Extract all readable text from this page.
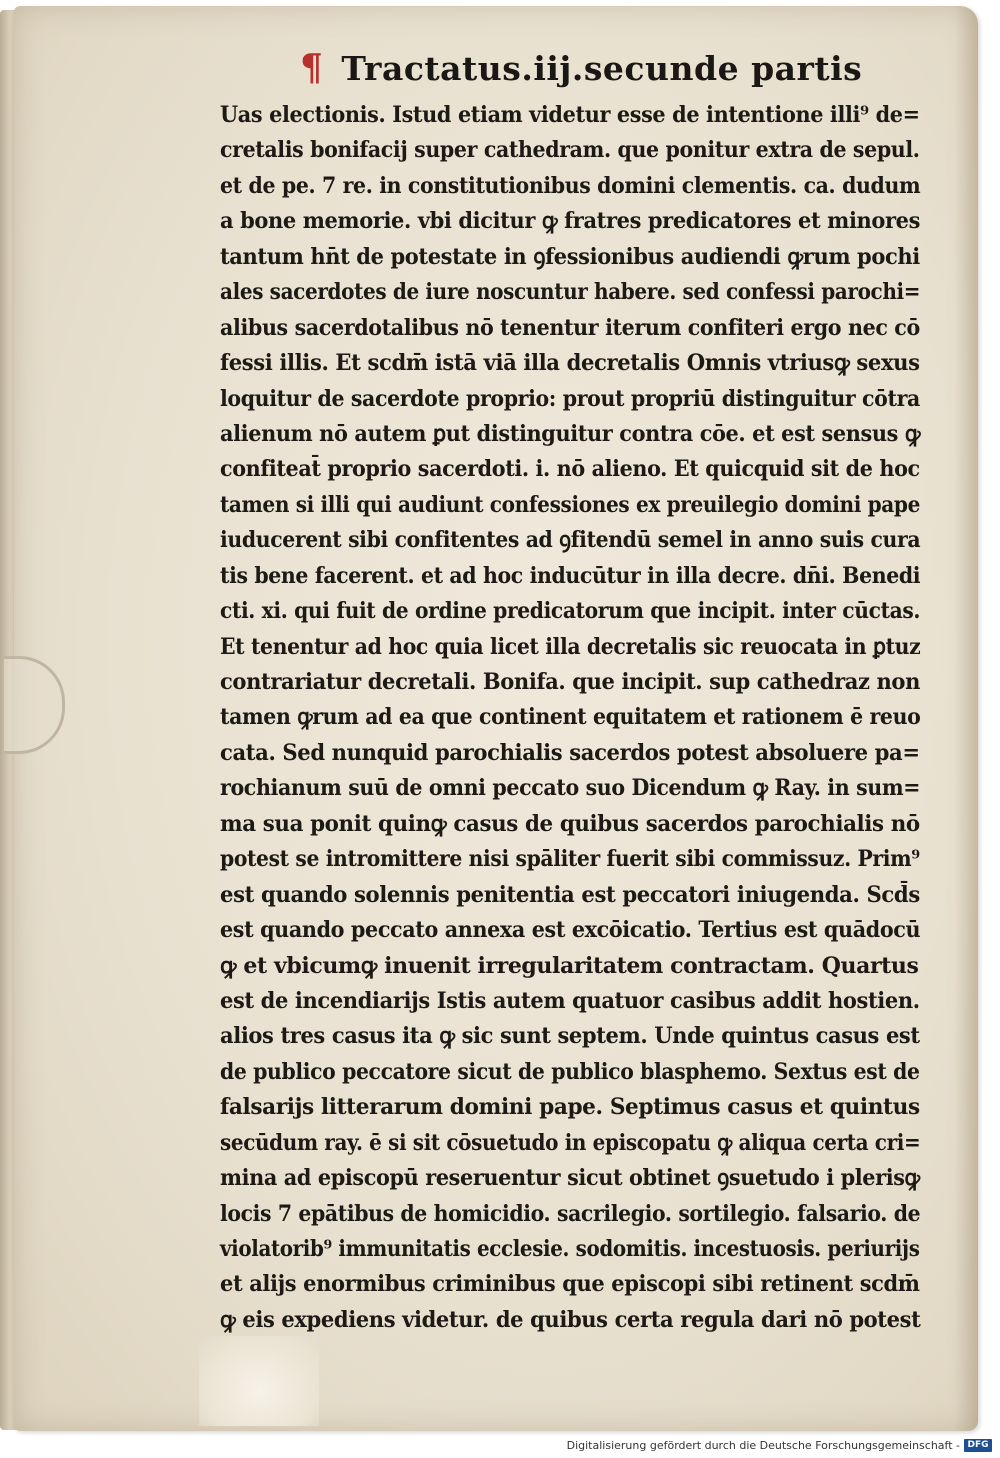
¶ Tractatus.iij.secunde partis
Uas electionis. Istud etiam videtur esse de intentione illi⁹ de=
cretalis bonifacij super cathedram. que ponitur extra de sepul.
et de pe. 7 re. in constitutionibus domini clementis. ca. dudum
a bone memorie. vbi dicitur ꝙ fratres predicatores et minores
tantum hn̄t de potestate in ꝯfessionibus audiendi ꝙrum pochi
ales sacerdotes de iure noscuntur habere. sed confessi parochi=
alibus sacerdotalibus nō tenentur iterum confiteri ergo nec cō
fessi illis. Et scdm̄ istā viā illa decretalis Omnis vtriusꝙ sexus
loquitur de sacerdote proprio: prout propriū distinguitur cōtra
alienum nō autem ꝑut distinguitur contra cōe. et est sensus ꝙ
confiteat̄ proprio sacerdoti. i. nō alieno. Et quicquid sit de hoc
tamen si illi qui audiunt confessiones ex preuilegio domini pape
iuducerent sibi confitentes ad ꝯfitendū semel in anno suis cura
tis bene facerent. et ad hoc inducūtur in illa decre. dn̄i. Benedi
cti. xi. qui fuit de ordine predicatorum que incipit. inter cūctas.
Et tenentur ad hoc quia licet illa decretalis sic reuocata in ꝑtuz
contrariatur decretali. Bonifa. que incipit. sup cathedraz non
tamen ꝙrum ad ea que continent equitatem et rationem ē reuo
cata. Sed nunquid parochialis sacerdos potest absoluere pa=
rochianum suū de omni peccato suo Dicendum ꝙ Ray. in sum=
ma sua ponit quinꝙ casus de quibus sacerdos parochialis nō
potest se intromittere nisi spāliter fuerit sibi commissuz. Prim⁹
est quando solennis penitentia est peccatori iniugenda. Scd̄s
est quando peccato annexa est excōicatio. Tertius est quādocū
ꝙ et vbicumꝙ inuenit irregularitatem contractam. Quartus
est de incendiarijs Istis autem quatuor casibus addit hostien.
alios tres casus ita ꝙ sic sunt septem. Unde quintus casus est
de publico peccatore sicut de publico blasphemo. Sextus est de
falsarijs litterarum domini pape. Septimus casus et quintus
secūdum ray. ē si sit cōsuetudo in episcopatu ꝙ aliqua certa cri=
mina ad episcopū reseruentur sicut obtinet ꝯsuetudo i plerisꝙ
locis 7 epātibus de homicidio. sacrilegio. sortilegio. falsario. de
violatorib⁹ immunitatis ecclesie. sodomitis. incestuosis. periurijs
et alijs enormibus criminibus que episcopi sibi retinent scdm̄
ꝙ eis expediens videtur. de quibus certa regula dari nō potest
Digitalisierung gefördert durch die Deutsche Forschungsgemeinschaft - DFG
